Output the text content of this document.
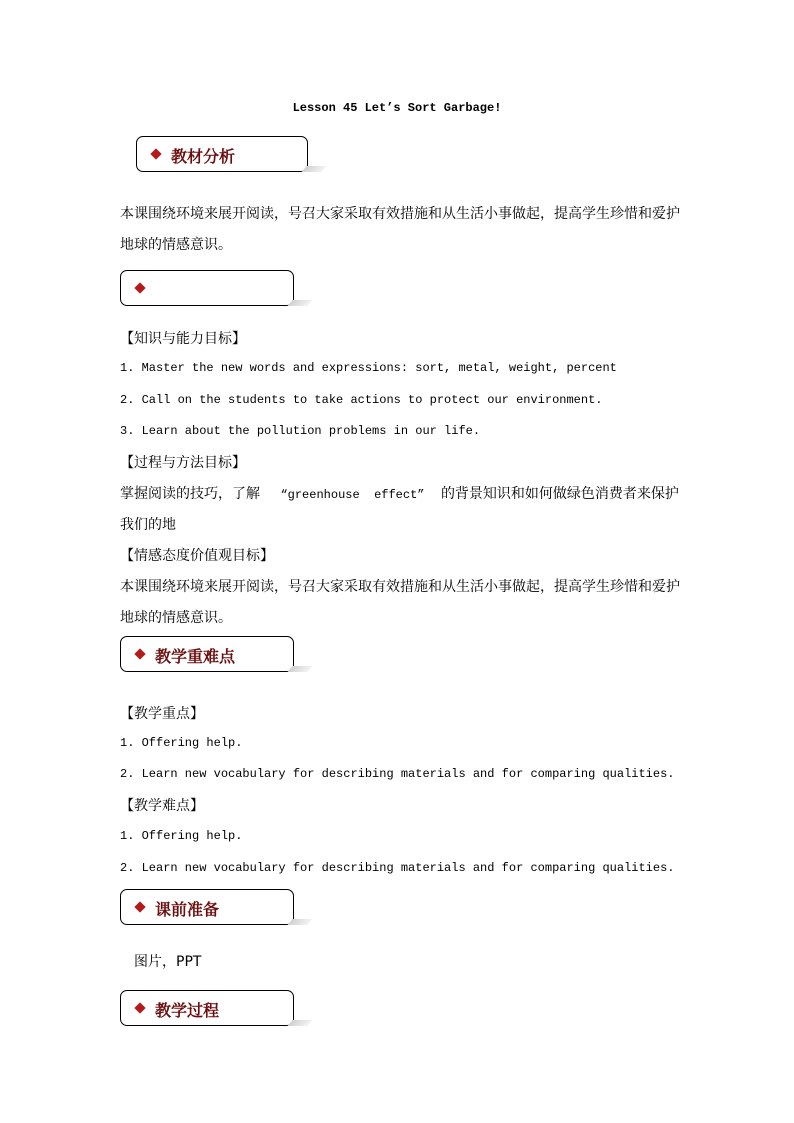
Lesson 45 Let’s Sort Garbage!
教材分析
本课围绕环境来展开阅读，号召大家采取有效措施和从生活小事做起，提高学生珍惜和爱护
地球的情感意识。
【知识与能力目标】
1. Master the new words and expressions: sort, metal, weight, percent
2. Call on the students to take actions to protect our environment.
3. Learn about the pollution problems in our life.
【过程与方法目标】
掌握阅读的技巧，了解 “greenhouse  effect” 的背景知识和如何做绿色消费者来保护
我们的地
【情感态度价值观目标】
本课围绕环境来展开阅读，号召大家采取有效措施和从生活小事做起，提高学生珍惜和爱护
地球的情感意识。
教学重难点
【教学重点】
1. Offering help.
2. Learn new vocabulary for describing materials and for comparing qualities.
【教学难点】
1. Offering help.
2. Learn new vocabulary for describing materials and for comparing qualities.
课前准备
图片，PPT
教学过程
